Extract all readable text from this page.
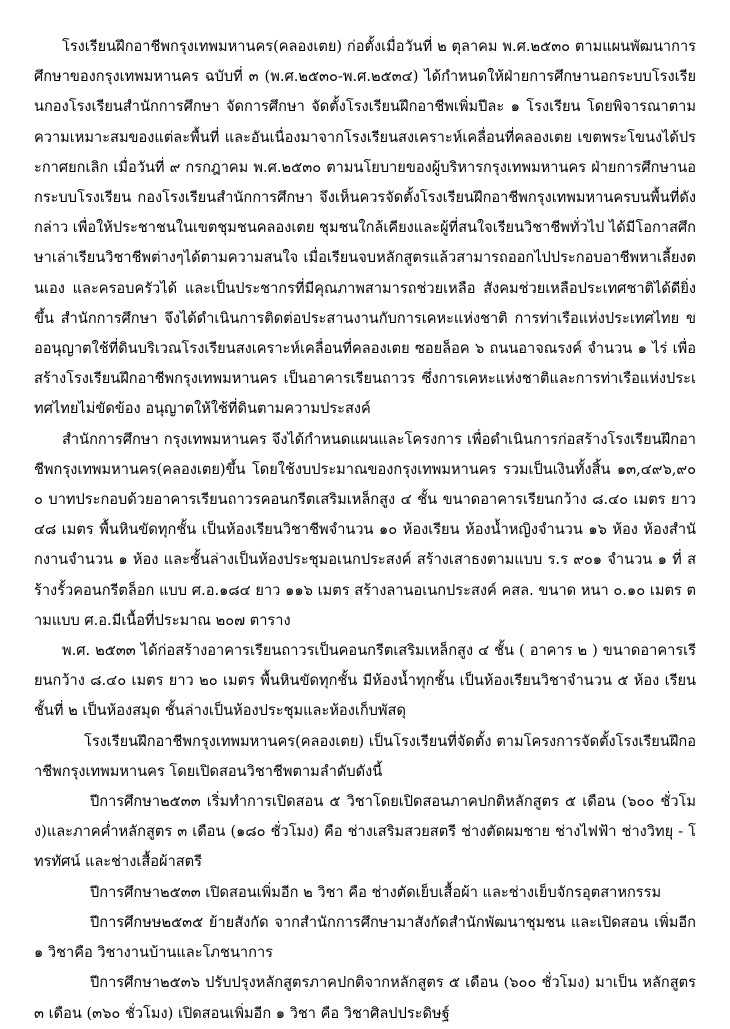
โรงเรียนฝึกอาชีพกรุงเทพมหานคร(คลองเตย) ก่อตั้งเมื่อวันที่ ๒ ตุลาคม พ.ศ.๒๕๓๐ ตามแผนพัฒนาการศึกษาของกรุงเทพมหานคร ฉบับที่ ๓ (พ.ศ.๒๕๓๐-พ.ศ.๒๕๓๔) ได้กำหนดให้ฝ่ายการศึกษานอกระบบโรงเรียนกองโรงเรียนสำนักการศึกษา จัดการศึกษา จัดตั้งโรงเรียนฝึกอาชีพเพิ่มปีละ ๑ โรงเรียน โดยพิจารณาตามความเหมาะสมของแต่ละพื้นที่ และอันเนื่องมาจากโรงเรียนสงเคราะห์เคลื่อนที่คลองเตย เขตพระโขนงได้ประกาศยกเลิก เมื่อวันที่ ๙ กรกฎาคม พ.ศ.๒๕๓๐ ตามนโยบายของผู้บริหารกรุงเทพมหานคร ฝ่ายการศึกษานอกระบบโรงเรียน กองโรงเรียนสำนักการศึกษา จึงเห็นควรจัดตั้งโรงเรียนฝึกอาชีพกรุงเทพมหานครบนพื้นที่ดังกล่าว เพื่อให้ประชาชนในเขตชุมชนคลองเตย ชุมชนใกล้เคียงและผู้ที่สนใจเรียนวิชาชีพทั่วไป ได้มีโอกาสศึกษาเล่าเรียนวิชาชีพต่างๆได้ตามความสนใจ เมื่อเรียนจบหลักสูตรแล้วสามารถออกไปประกอบอาชีพหาเลี้ยงตนเอง และครอบครัวได้ และเป็นประชากรที่มีคุณภาพสามารถช่วยเหลือ สังคมช่วยเหลือประเทศชาติได้ดียิ่งขึ้น สำนักการศึกษา จึงได้ดำเนินการติดต่อประสานงานกับการเคหะแห่งชาติ การท่าเรือแห่งประเทศไทย ขออนุญาตใช้ที่ดินบริเวณโรงเรียนสงเคราะห์เคลื่อนที่คลองเตย ซอยล็อค ๖ ถนนอาจณรงค์ จำนวน ๑ ไร่ เพื่อสร้างโรงเรียนฝึกอาชีพกรุงเทพมหานคร เป็นอาคารเรียนถาวร ซึ่งการเคหะแห่งชาติและการท่าเรือแห่งประเทศไทยไม่ขัดข้อง อนุญาตให้ใช้ที่ดินตามความประสงค์

สำนักการศึกษา กรุงเทพมหานคร จึงได้กำหนดแผนและโครงการ เพื่อดำเนินการก่อสร้างโรงเรียนฝึกอาชีพกรุงเทพมหานคร(คลองเตย)ขึ้น โดยใช้งบประมาณของกรุงเทพมหานคร รวมเป็นเงินทั้งสิ้น ๑๓,๔๙๖,๙๐๐ บาทประกอบด้วยอาคารเรียนถาวรคอนกรีตเสริมเหล็กสูง ๔ ชั้น ขนาดอาคารเรียนกว้าง ๘.๔๐ เมตร ยาว ๔๘ เมตร พื้นหินขัดทุกชั้น เป็นห้องเรียนวิชาชีพจำนวน ๑๐ ห้องเรียน ห้องน้ำหญิงจำนวน ๑๖ ห้อง ห้องสำนักงานจำนวน ๑ ห้อง และชั้นล่างเป็นห้องประชุมอเนกประสงค์ สร้างเสาธงตามแบบ ร.ร ๙๐๑ จำนวน ๑ ที่ สร้างรั้วคอนกรีตล็อก แบบ ศ.อ.๑๘๔ ยาว ๑๑๖ เมตร สร้างลานอเนกประสงค์ คสล. ขนาด หนา ๐.๑๐ เมตร ตามแบบ ศ.อ.มีเนื้อที่ประมาณ ๒๐๗ ตาราง

พ.ศ. ๒๕๓๓ ได้ก่อสร้างอาคารเรียนถาวรเป็นคอนกรีตเสริมเหล็กสูง ๔ ชั้น ( อาคาร ๒ ) ขนาดอาคารเรียนกว้าง ๘.๔๐ เมตร ยาว ๒๐ เมตร พื้นหินขัดทุกชั้น มีห้องน้ำทุกชั้น เป็นห้องเรียนวิชาจำนวน ๕ ห้อง เรียน ชั้นที่ ๒ เป็นห้องสมุด ชั้นล่างเป็นห้องประชุมและห้องเก็บพัสดุ

โรงเรียนฝึกอาชีพกรุงเทพมหานคร(คลองเตย) เป็นโรงเรียนที่จัดตั้ง ตามโครงการจัดตั้งโรงเรียนฝึกอาชีพกรุงเทพมหานคร โดยเปิดสอนวิชาชีพตามลำดับดังนี้

ปีการศึกษา๒๕๓๓ เริ่มทำการเปิดสอน ๕ วิชาโดยเปิดสอนภาคปกติหลักสูตร ๕ เดือน (๖๐๐ ชั่วโมง)และภาคค่ำหลักสูตร ๓ เดือน (๑๘๐ ชั่วโมง) คือ ช่างเสริมสวยสตรี ช่างตัดผมชาย ช่างไฟฟ้า ช่างวิทยุ - โทรทัศน์ และช่างเสื้อผ้าสตรี

ปีการศึกษา๒๕๓๓ เปิดสอนเพิ่มอีก ๒ วิชา คือ ช่างตัดเย็บเสื้อผ้า และช่างเย็บจักรอุตสาหกรรม

ปีการศึกษษ๒๕๓๕ ย้ายสังกัด จากสำนักการศึกษามาสังกัดสำนักพัฒนาชุมชน และเปิดสอน เพิ่มอีก ๑ วิชาคือ วิชางานบ้านและโภชนาการ

ปีการศึกษา๒๕๓๖ ปรับปรุงหลักสูตรภาคปกติจากหลักสูตร ๕ เดือน (๖๐๐ ชั่วโมง) มาเป็น หลักสูตร ๓ เดือน (๓๖๐ ชั่วโมง) เปิดสอนเพิ่มอีก ๑ วิชา คือ วิชาศิลปประดิษฐ์
